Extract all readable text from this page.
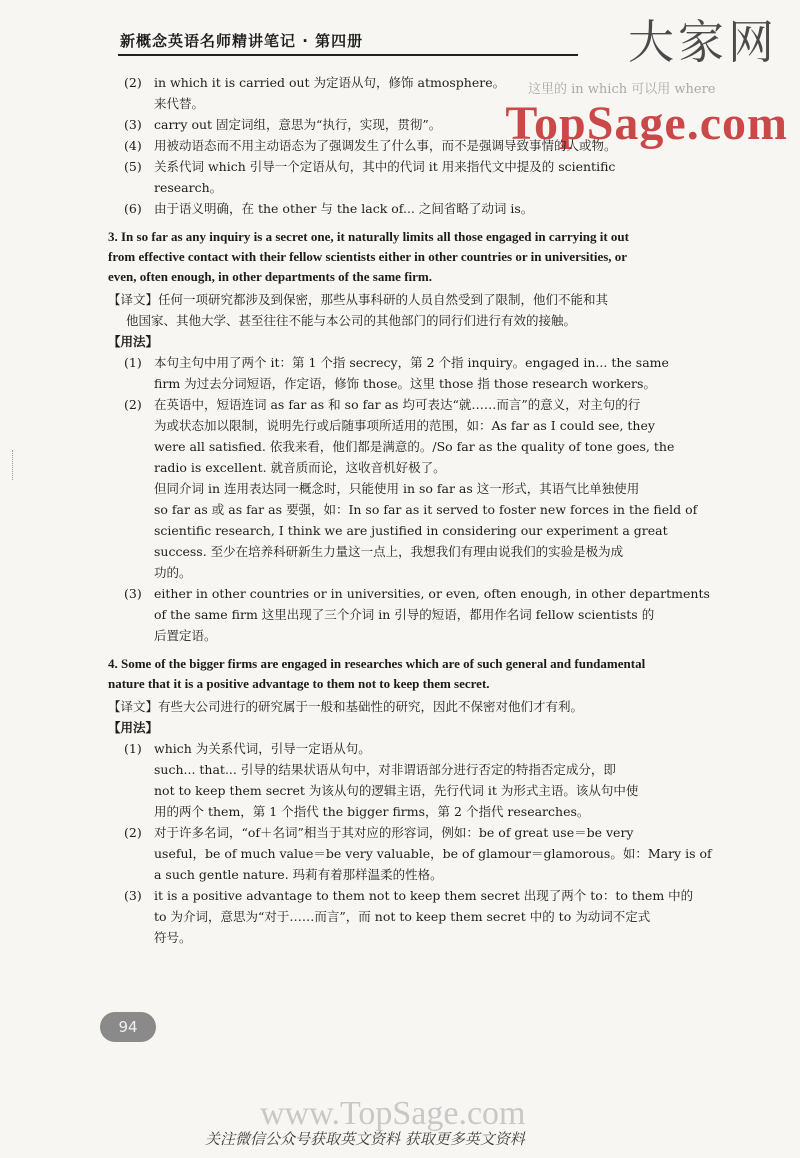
新概念英语名师精讲笔记 · 第四册	大家网
这里的 in which 可以用 where
TopSage.com
(2) in which it is carried out 为定语从句，修饰 atmosphere。
来代替。
(3) carry out 固定词组，意思为“执行，实现，贯彻”。
(4) 用被动语态而不用主动语态为了强调发生了什么事，而不是强调导致事情的人或物。
(5) 关系代词 which 引导一个定语从句，其中的代词 it 用来指代文中提及的 scientific
research。
(6) 由于语义明确，在 the other 与 the lack of... 之间省略了动词 is。

3. In so far as any inquiry is a secret one, it naturally limits all those engaged in carrying it out
from effective contact with their fellow scientists either in other countries or in universities, or
even, often enough, in other departments of the same firm.

【译文】任何一项研究都涉及到保密，那些从事科研的人员自然受到了限制，他们不能和其
他国家、其他大学、甚至往往不能与本公司的其他部门的同行们进行有效的接触。

【用法】

(1) 本句主句中用了两个 it：第 1 个指 secrecy，第 2 个指 inquiry。engaged in... the same
firm 为过去分词短语，作定语，修饰 those。这里 those 指 those research workers。
(2) 在英语中，短语连词 as far as 和 so far as 均可表达“就……而言”的意义，对主句的行
为或状态加以限制，说明先行或后随事项所适用的范围，如：As far as I could see, they
were all satisfied. 依我来看，他们都是满意的。/So far as the quality of tone goes, the
radio is excellent. 就音质而论，这收音机好极了。
但同介词 in 连用表达同一概念时，只能使用 in so far as 这一形式，其语气比单独使用
so far as 或 as far as 要强，如：In so far as it served to foster new forces in the field of
scientific research, I think we are justified in considering our experiment a great
success. 至少在培养科研新生力量这一点上，我想我们有理由说我们的实验是极为成
功的。
(3) either in other countries or in universities, or even, often enough, in other departments
of the same firm 这里出现了三个介词 in 引导的短语，都用作名词 fellow scientists 的
后置定语。

4. Some of the bigger firms are engaged in researches which are of such general and fundamental
nature that it is a positive advantage to them not to keep them secret.

【译文】有些大公司进行的研究属于一般和基础性的研究，因此不保密对他们才有利。

【用法】

(1) which 为关系代词，引导一定语从句。
such... that... 引导的结果状语从句中，对非谓语部分进行否定的特指否定成分，即
not to keep them secret 为该从句的逻辑主语，先行代词 it 为形式主语。该从句中使
用的两个 them，第 1 个指代 the bigger firms，第 2 个指代 researches。
(2) 对于许多名词，“of＋名词”相当于其对应的形容词，例如：be of great use＝be very
useful，be of much value＝be very valuable，be of glamour＝glamorous。如：Mary is of
a such gentle nature. 玛莉有着那样温柔的性格。
(3) it is a positive advantage to them not to keep them secret 出现了两个 to：to them 中的
to 为介词，意思为“对于……而言”，而 not to keep them secret 中的 to 为动词不定式
符号。
94
www.TopSage.com
关注微信公众号获取英文资料 获取更多英文资料
